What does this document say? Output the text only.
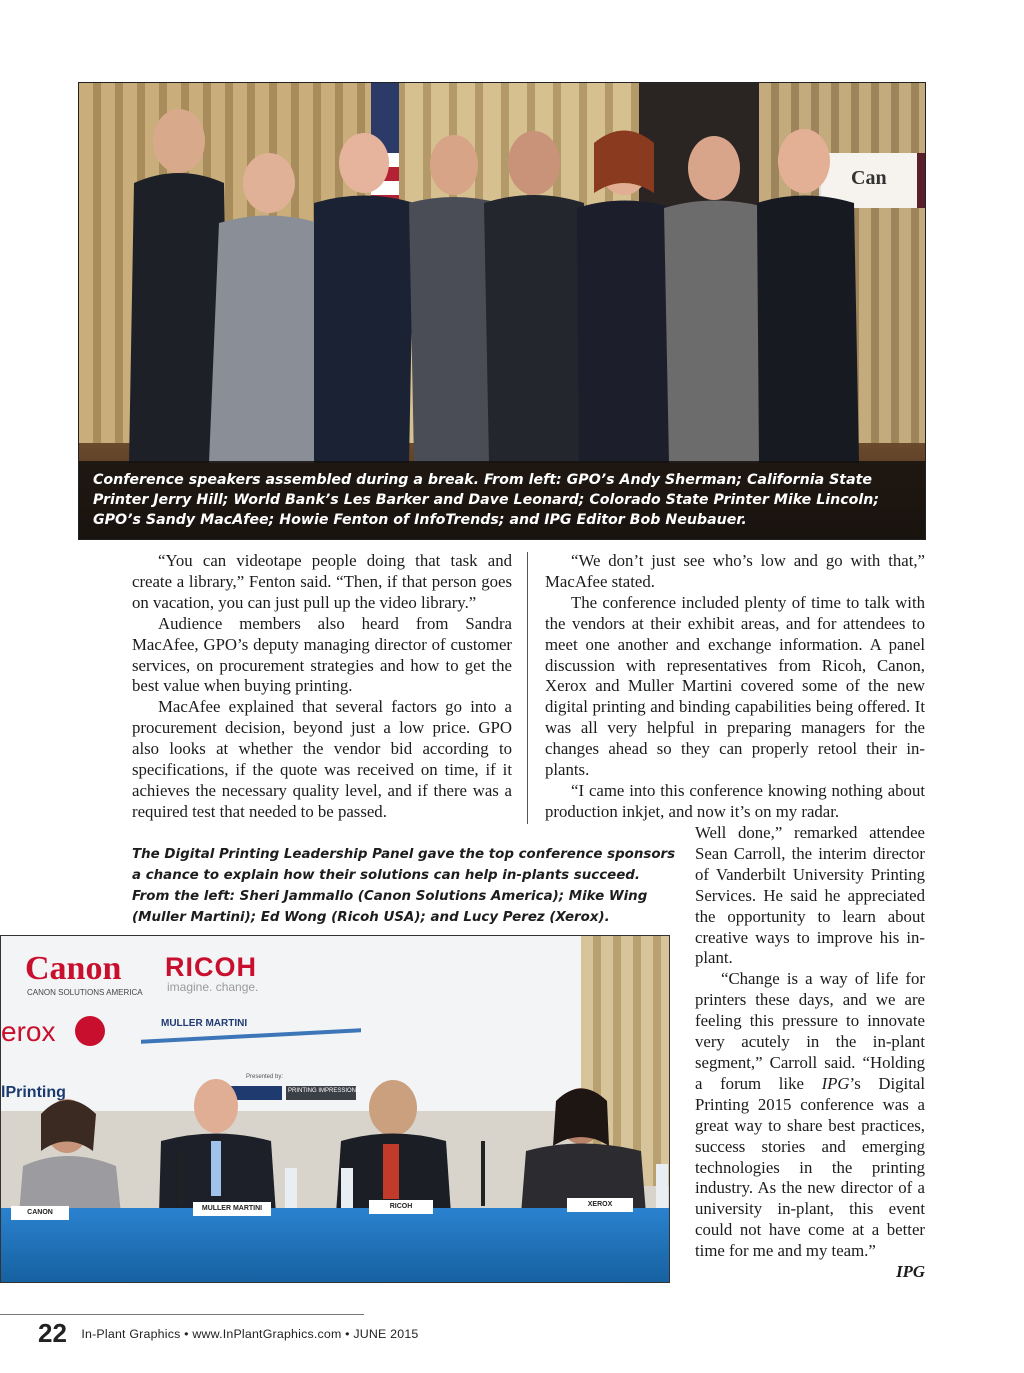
Can
Conference speakers assembled during a break. From left: GPO’s Andy Sherman; California State
Printer Jerry Hill; World Bank’s Les Barker and Dave Leonard; Colorado State Printer Mike Lincoln;
GPO’s Sandy MacAfee; Howie Fenton of InfoTrends; and IPG Editor Bob Neubauer.

“You can videotape people doing that task and create a library,” Fenton said. “Then, if that person goes on vacation, you can just pull up the video library.”

Audience members also heard from Sandra MacAfee, GPO’s deputy managing director of customer services, on procurement strategies and how to get the best value when buying printing.

MacAfee explained that several factors go into a procurement decision, beyond just a low price. GPO also looks at whether the vendor bid according to specifications, if the quote was received on time, if it achieves the necessary quality level, and if there was a required test that needed to be passed.

“We don’t just see who’s low and go with that,” MacAfee stated.

The conference included plenty of time to talk with the vendors at their exhibit areas, and for attendees to meet one another and exchange information. A panel discussion with representatives from Ricoh, Canon, Xerox and Muller Martini covered some of the new digital printing and binding capabilities being offered. It was all very helpful in preparing managers for the changes ahead so they can properly retool their in-plants.

“I came into this conference knowing nothing about production inkjet, and now it’s on my radar.

Well done,” remarked attendee Sean Carroll, the interim director of Vanderbilt University Printing Services. He said he appreciated the opportunity to learn about creative ways to improve his in-plant.

“Change is a way of life for printers these days, and we are feeling this pressure to innovate very acutely in the in-plant segment,” Carroll said. “Holding a forum like IPG’s Digital Printing 2015 conference was a great way to share best practices, success stories and emerging technologies in the printing industry. As the new director of a university in-plant, this event could not have come at a better time for me and my team.”
IPG

The Digital Printing Leadership Panel gave the top conference sponsors
a chance to explain how their solutions can help in-plants succeed.
From the left: Sheri Jammallo (Canon Solutions America); Mike Wing
(Muller Martini); Ed Wong (Ricoh USA); and Lucy Perez (Xerox).
Canon
CANON SOLUTIONS AMERICA
RICOH
imagine. change.
erox	MULLER MARTINI
lPrinting
Presented by:
PRINTING IMPRESSIONS
CANON
MULLER MARTINI	RICOH	XEROX
22 In-Plant Graphics • www.InPlantGraphics.com • JUNE 2015
